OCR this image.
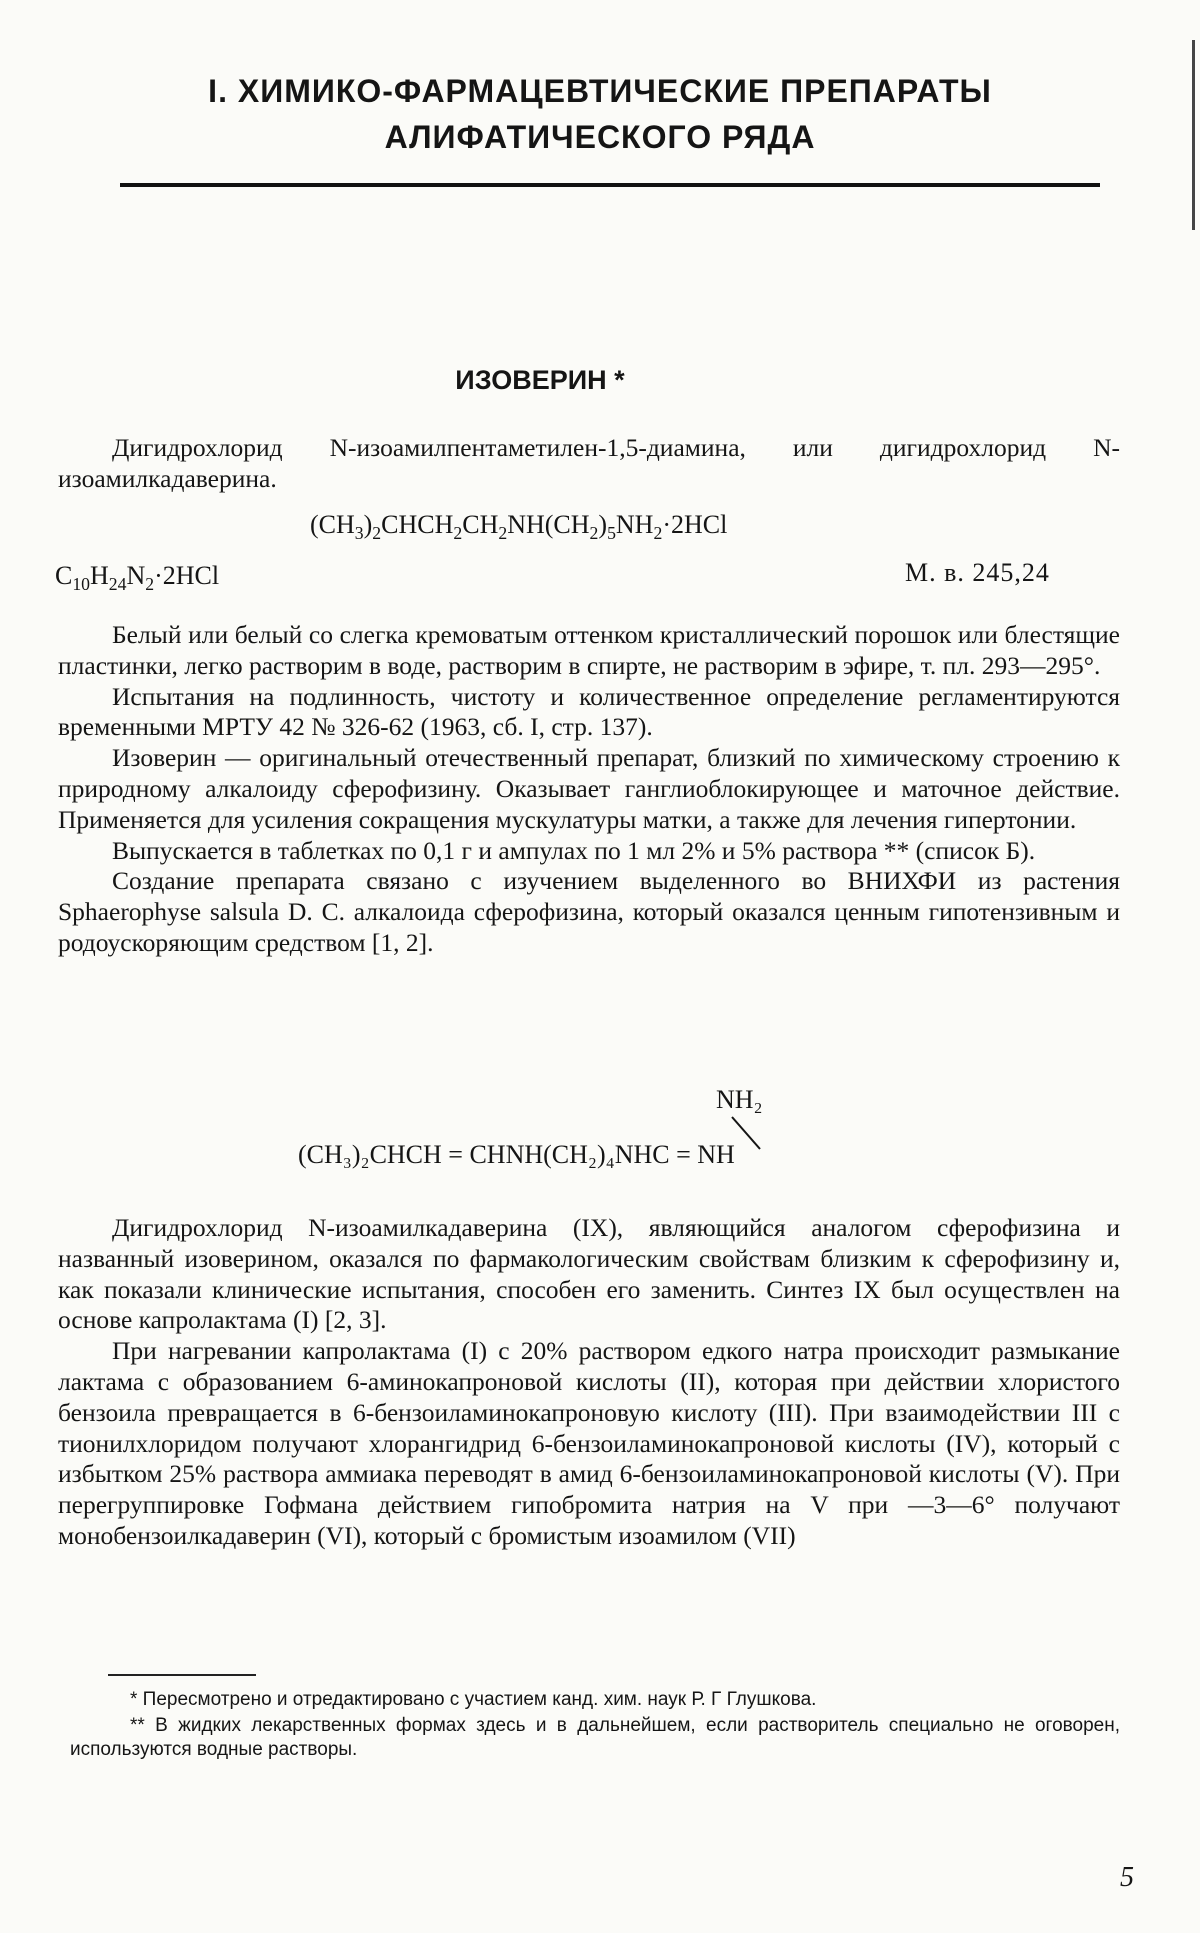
I. ХИМИКО-ФАРМАЦЕВТИЧЕСКИЕ ПРЕПАРАТЫ
АЛИФАТИЧЕСКОГО РЯДА
ИЗОВЕРИН *

Дигидрохлорид N-изоамилпентаметилен-1,5-диамина, или дигидрохлорид N-изоамилкадаверина.

$(CH_3)_2CHCH_2CH_2NH(CH_2)_5NH_2\cdot 2HCl$
$C_{10}H_{24}N_2\cdot 2HCl$	М. в. 245,24

Белый или белый со слегка кремоватым оттенком кристаллический порошок или блестящие пластинки, легко растворим в воде, растворим в спирте, не растворим в эфире, т. пл. 293—295°.

Испытания на подлинность, чистоту и количественное определение регламентируются временными МРТУ 42 № 326-62 (1963, сб. I, стр. 137).

Изоверин — оригинальный отечественный препарат, близкий по химическому строению к природному алкалоиду сферофизину. Оказывает ганглиоблокирующее и маточное действие. Применяется для усиления сокращения мускулатуры матки, а также для лечения гипертонии.

Выпускается в таблетках по 0,1 г и ампулах по 1 мл 2% и 5% раствора ** (список Б).

Создание препарата связано с изучением выделенного во ВНИХФИ из растения Sphaerophyse salsula D. C. алкалоида сферофизина, который оказался ценным гипотензивным и родоускоряющим средством [1, 2].

NH₂
(CH₃)₂CHCH = CHNH(CH₂)₄NHC = NH

Дигидрохлорид N-изоамилкадаверина (IX), являющийся аналогом сферофизина и названный изоверином, оказался по фармакологическим свойствам близким к сферофизину и, как показали клинические испытания, способен его заменить. Синтез IX был осуществлен на основе капролактама (I) [2, 3].

При нагревании капролактама (I) с 20% раствором едкого натра происходит размыкание лактама с образованием 6-аминокапроновой кислоты (II), которая при действии хлористого бензоила превращается в 6-бензоиламинокапроновую кислоту (III). При взаимодействии III с тионилхлоридом получают хлорангидрид 6-бензоиламинокапроновой кислоты (IV), который с избытком 25% раствора аммиака переводят в амид 6-бензоиламинокапроновой кислоты (V). При перегруппировке Гофмана действием гипобромита натрия на V при —3—6° получают монобензоилкадаверин (VI), который с бромистым изоамилом (VII)

* Пересмотрено и отредактировано с участием канд. хим. наук Р. Г Глушкова.

** В жидких лекарственных формах здесь и в дальнейшем, если растворитель специально не оговорен, используются водные растворы.

5
